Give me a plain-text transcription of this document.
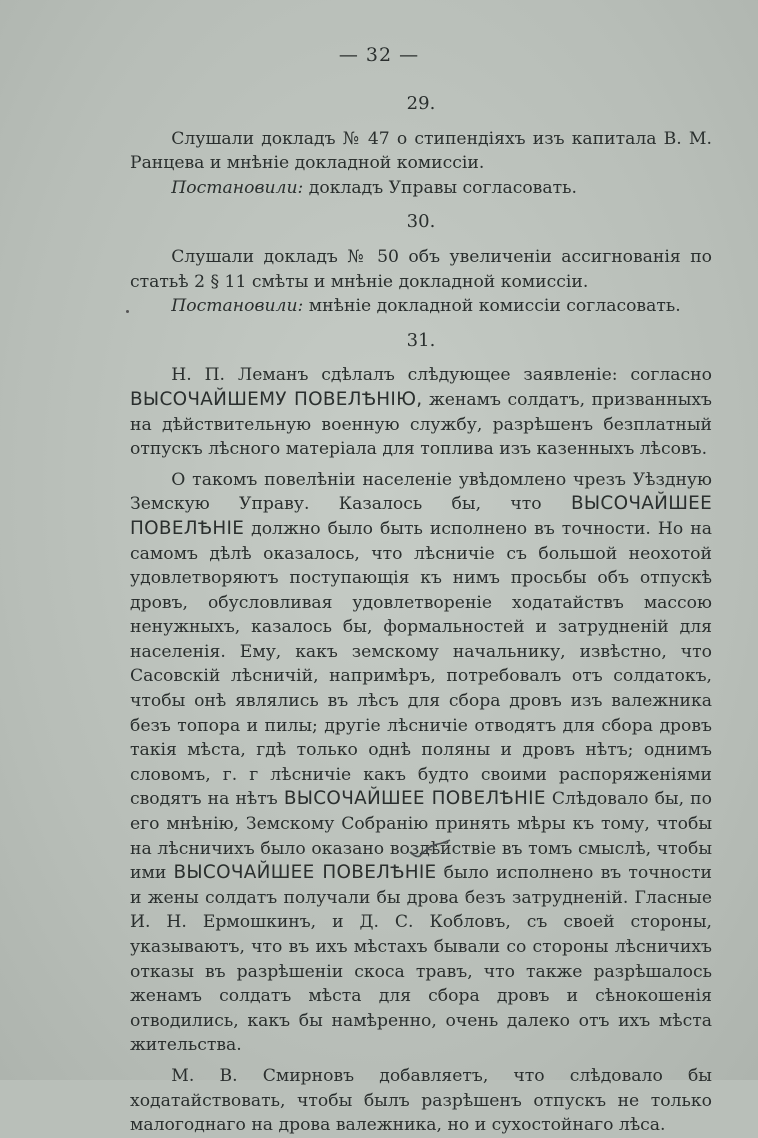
— 32 —
29.

Слушали докладъ № 47 о стипендiяхъ изъ капитала В. М. Ранцева и мнѣнiе докладной комиссiи.

Постановили: докладъ Управы согласовать.

30.

Слушали докладъ № 50 объ увеличенiи ассигнованiя по статьѣ 2 § 11 смѣты и мнѣнiе докладной комиссiи.

Постановили: мнѣнiе докладной комиссiи согласовать.

31.

Н. П. Леманъ сдѣлалъ слѣдующее заявленiе: согласно ВЫСОЧАЙШЕМУ ПОВЕЛѢНIЮ, женамъ солдатъ, призванныхъ на дѣйствительную военную службу, разрѣшенъ безплатный отпускъ лѣсного матерiала для топлива изъ казенныхъ лѣсовъ.

О такомъ повелѣнiи населенiе увѣдомлено чрезъ Уѣздную Земскую Управу. Казалось бы, что ВЫСОЧАЙШЕЕ ПОВЕЛѢНIЕ должно было быть исполнено въ точности. Но на самомъ дѣлѣ оказалось, что лѣсничiе съ большой неохотой удовлетворяютъ поступающiя къ нимъ просьбы объ отпускѣ дровъ, обусловливая удовлетворенiе ходатайствъ массою ненужныхъ, казалось бы, формальностей и затрудненiй для населенiя. Ему, какъ земскому начальнику, извѣстно, что Сасовскiй лѣсничiй, напримѣръ, потребовалъ отъ солдатокъ, чтобы онѣ являлись въ лѣсъ для сбора дровъ изъ валежника безъ топора и пилы; другiе лѣсничiе отводятъ для сбора дровъ такiя мѣста, гдѣ только однѣ поляны и дровъ нѣтъ; однимъ словомъ, г. г лѣсничiе какъ будто своими распоряженiями сводятъ на нѣтъ ВЫСОЧАЙШЕЕ ПОВЕЛѢНIЕ Слѣдовало бы, по его мнѣнiю, Земскому Собранiю принять мѣры къ тому, чтобы на лѣсничихъ было оказано воздѣйствiе въ томъ смыслѣ, чтобы ими ВЫСОЧАЙШЕЕ ПОВЕЛѢНIЕ было исполнено въ точности и жены солдатъ получали бы дрова безъ затрудненiй. Гласные И. Н. Ермошкинъ, и Д. С. Кобловъ, съ своей стороны, указываютъ, что въ ихъ мѣстахъ бывали со стороны лѣсничихъ отказы въ разрѣшенiи скоса травъ, что также разрѣшалось женамъ солдатъ мѣста для сбора дровъ и сѣнокошенiя отводились, какъ бы намѣренно, очень далеко отъ ихъ мѣста жительства.

М. В. Смирновъ добавляетъ, что слѣдовало бы ходатайствовать, чтобы былъ разрѣшенъ отпускъ не только малогоднаго на дрова валежника, но и сухостойнаго лѣса.
